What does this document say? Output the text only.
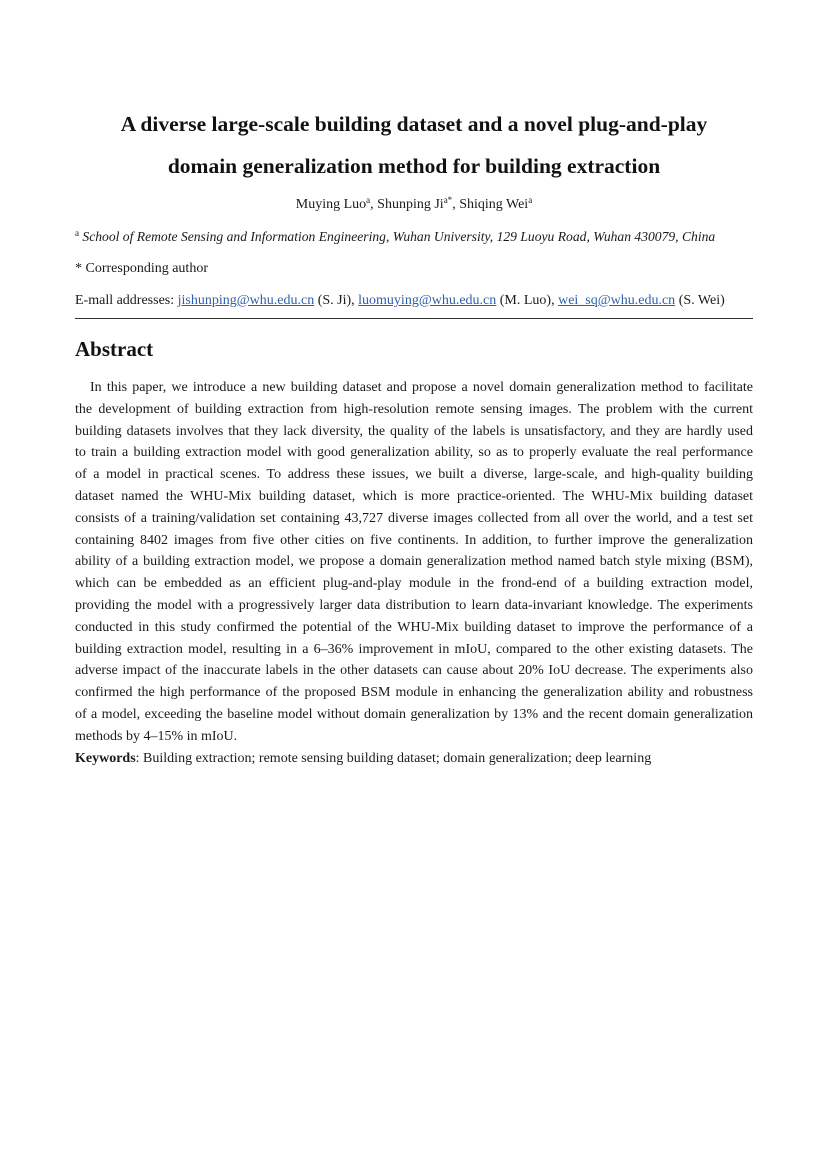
A diverse large-scale building dataset and a novel plug-and-play
domain generalization method for building extraction
Muying Luo$^a$, Shunping $Ji^{a*}$, Shiqing Wei$^a$
$^a$ School of Remote Sensing and Information Engineering, Wuhan University, 129 Luoyu Road, Wuhan 430079, China
* Corresponding author
E-mall addresses: jishunping@whu.edu.cn (S. Ji), luomuying@whu.edu.cn (M. Luo), wei_sq@whu.edu.cn (S. Wei)
Abstract
In this paper, we introduce a new building dataset and propose a novel domain generalization method to facilitate
the development of building extraction from high-resolution remote sensing images. The problem with the current
building datasets involves that they lack diversity, the quality of the labels is unsatisfactory, and they are hardly used
to train a building extraction model with good generalization ability, so as to properly evaluate the real performance
of a model in practical scenes. To address these issues, we built a diverse, large-scale, and high-quality building
dataset named the WHU-Mix building dataset, which is more practice-oriented. The WHU-Mix building dataset
consists of a training/validation set containing 43,727 diverse images collected from all over the world, and a test set
containing 8402 images from five other cities on five continents. In addition, to further improve the generalization
ability of a building extraction model, we propose a domain generalization method named batch style mixing (BSM),
which can be embedded as an efficient plug-and-play module in the frond-end of a building extraction model,
providing the model with a progressively larger data distribution to learn data-invariant knowledge. The experiments
conducted in this study confirmed the potential of the WHU-Mix building dataset to improve the performance of a
building extraction model, resulting in a 6–36% improvement in mIoU, compared to the other existing datasets. The
adverse impact of the inaccurate labels in the other datasets can cause about 20% IoU decrease. The experiments also
confirmed the high performance of the proposed BSM module in enhancing the generalization ability and robustness
of a model, exceeding the baseline model without domain generalization by 13% and the recent domain generalization
methods by 4–15% in mIoU.
Keywords: Building extraction; remote sensing building dataset; domain generalization; deep learning
